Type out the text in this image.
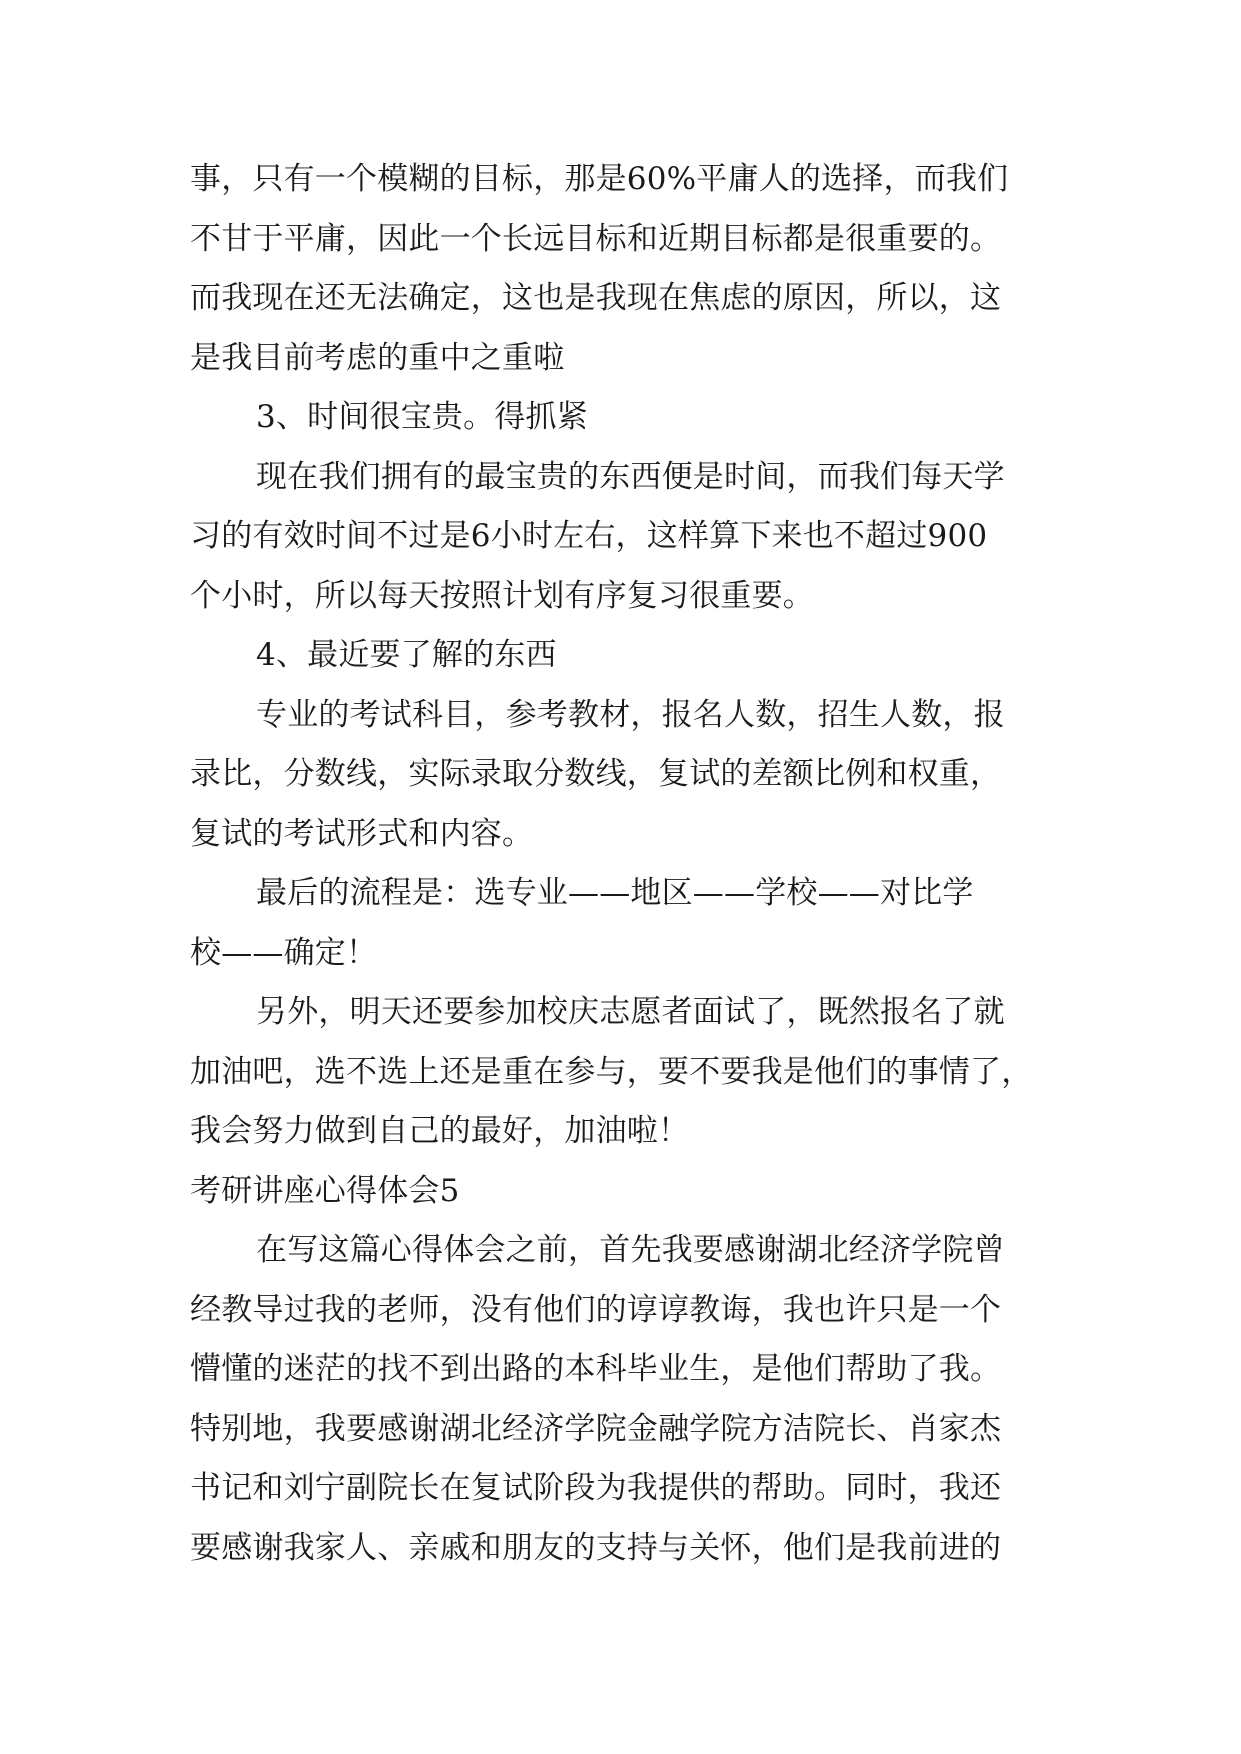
事，只有一个模糊的目标，那是60%平庸人的选择，而我们
不甘于平庸，因此一个长远目标和近期目标都是很重要的。
而我现在还无法确定，这也是我现在焦虑的原因，所以，这
是我目前考虑的重中之重啦
3、时间很宝贵。得抓紧
现在我们拥有的最宝贵的东西便是时间，而我们每天学
习的有效时间不过是6小时左右，这样算下来也不超过900
个小时，所以每天按照计划有序复习很重要。
4、最近要了解的东西
专业的考试科目，参考教材，报名人数，招生人数，报
录比，分数线，实际录取分数线，复试的差额比例和权重，
复试的考试形式和内容。
最后的流程是：选专业——地区——学校——对比学
校——确定！
另外，明天还要参加校庆志愿者面试了，既然报名了就
加油吧，选不选上还是重在参与，要不要我是他们的事情了，
我会努力做到自己的最好，加油啦！
考研讲座心得体会5
在写这篇心得体会之前，首先我要感谢湖北经济学院曾
经教导过我的老师，没有他们的谆谆教诲，我也许只是一个
懵懂的迷茫的找不到出路的本科毕业生，是他们帮助了我。
特别地，我要感谢湖北经济学院金融学院方洁院长、肖家杰
书记和刘宁副院长在复试阶段为我提供的帮助。同时，我还
要感谢我家人、亲戚和朋友的支持与关怀，他们是我前进的
